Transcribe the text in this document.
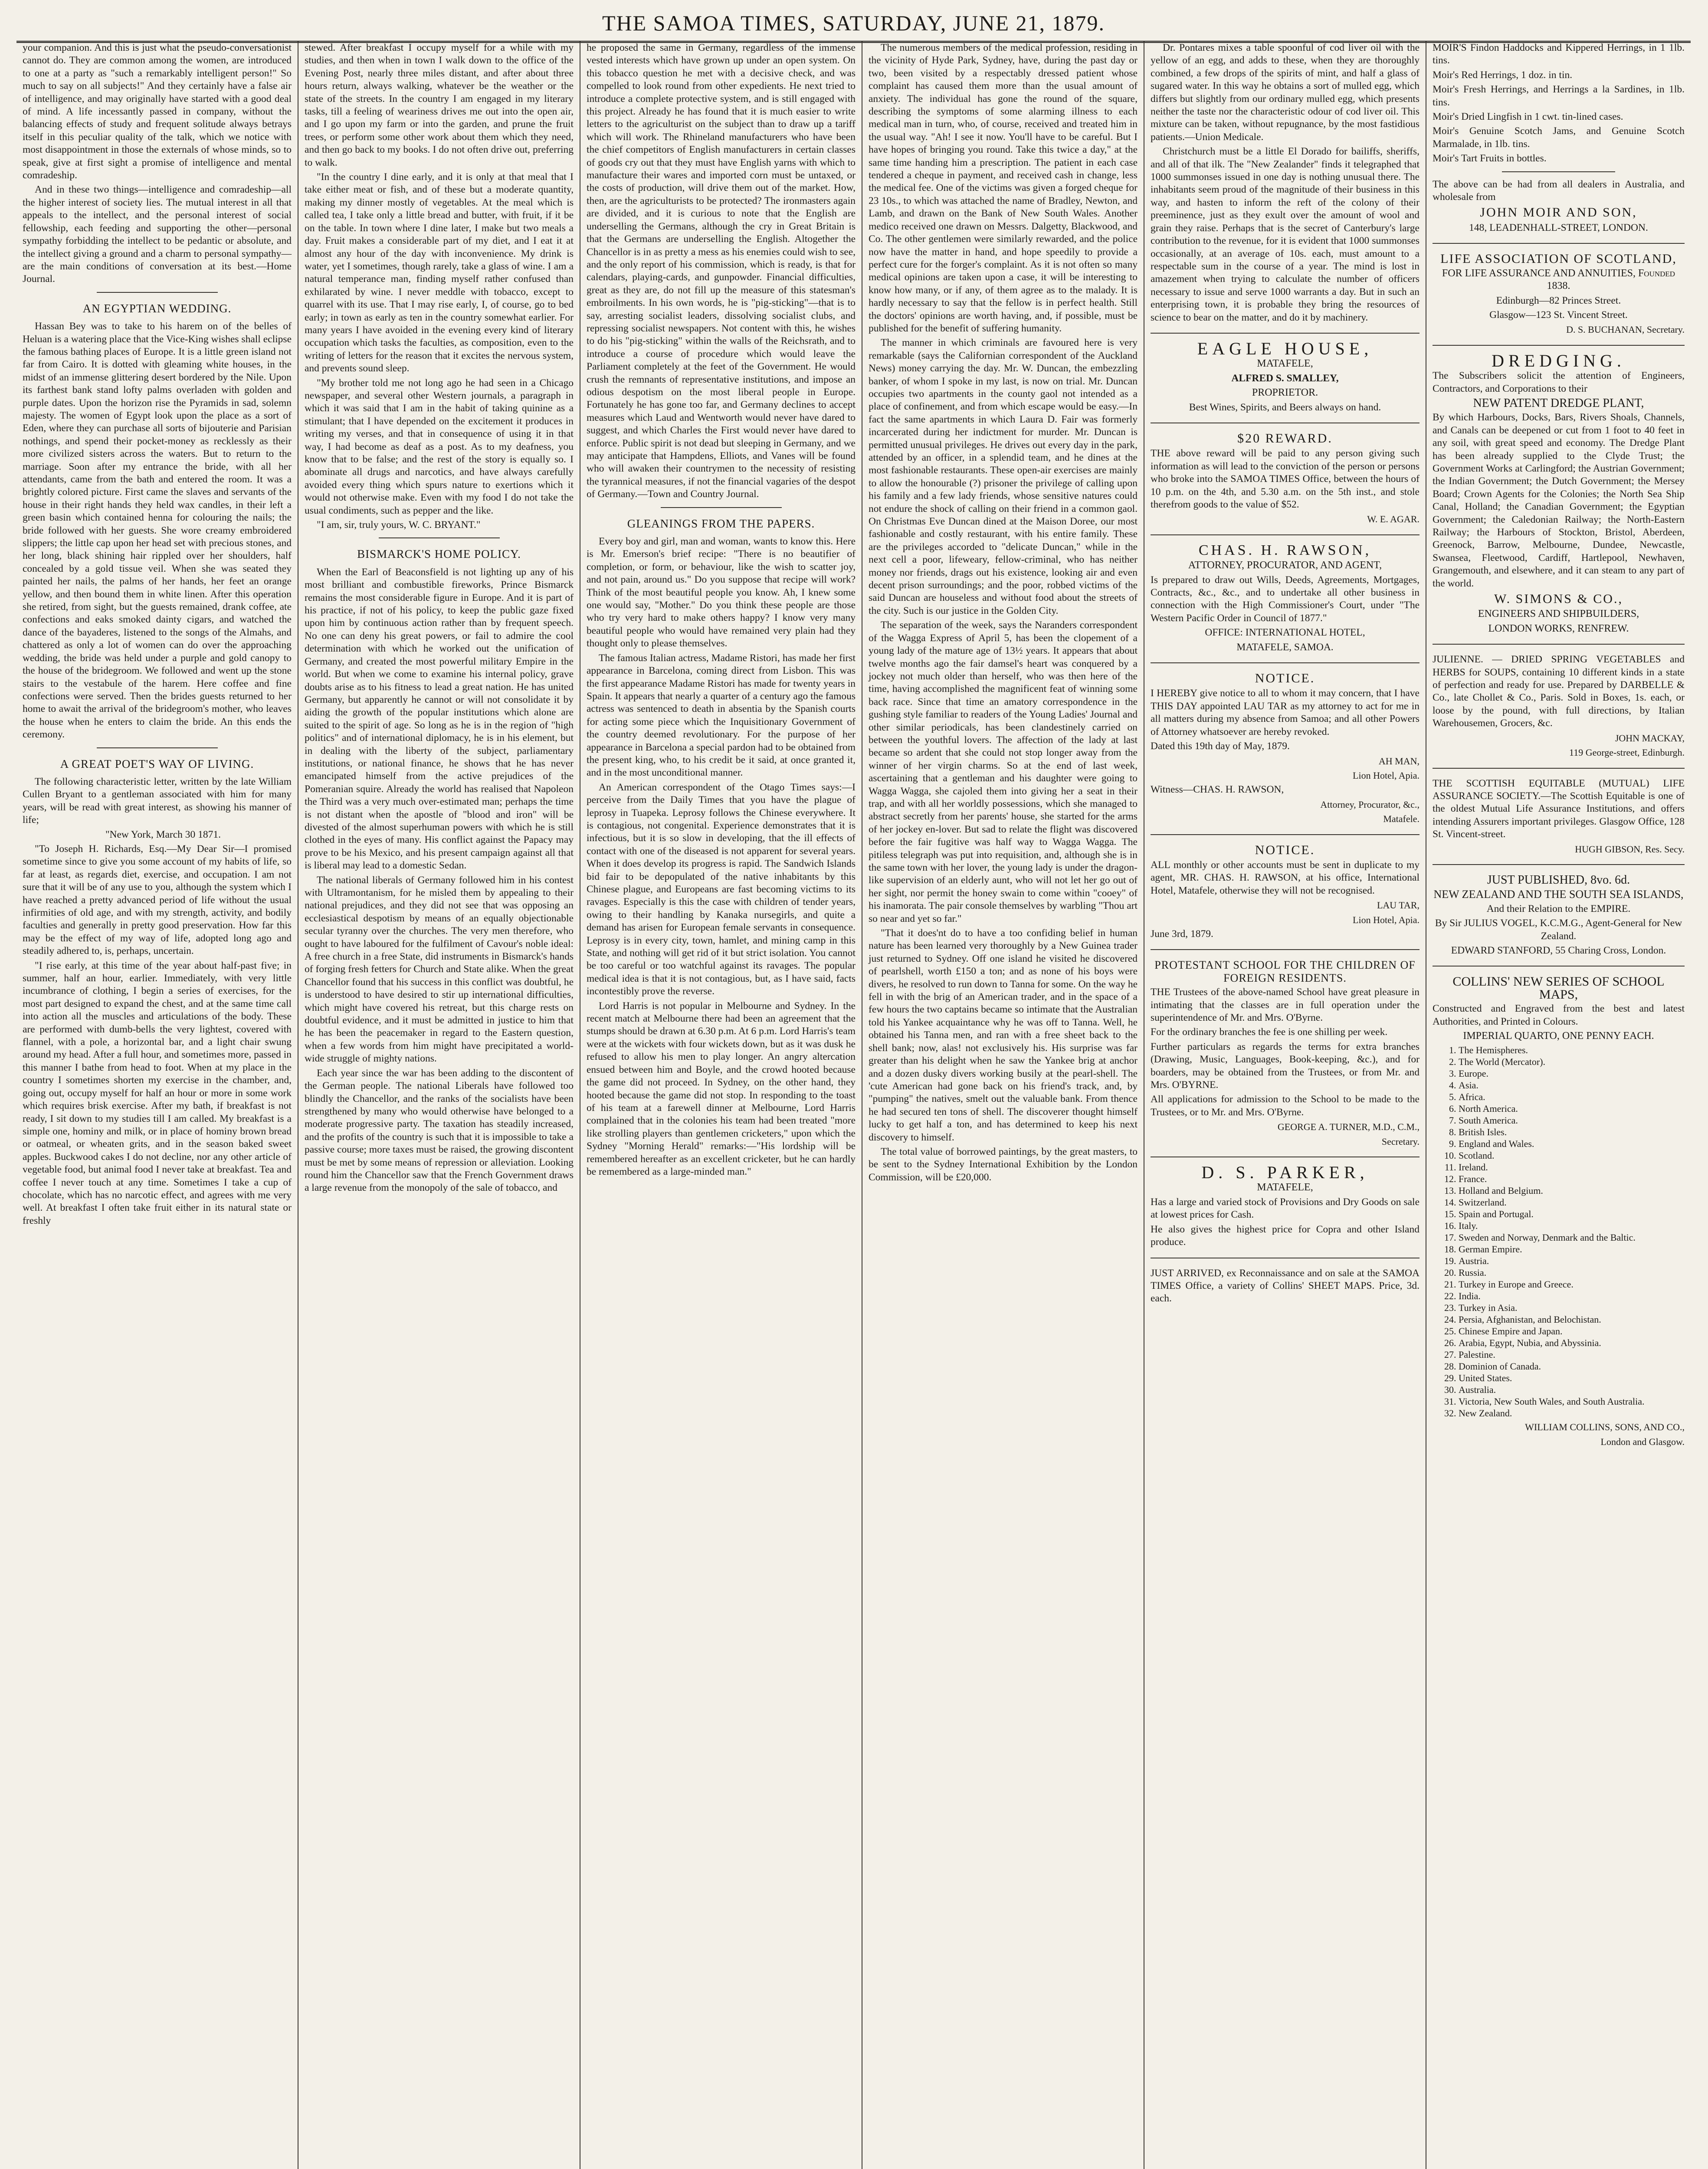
THE SAMOA TIMES, SATURDAY, JUNE 21, 1879.

your companion. And this is just what the pseudo-conversationist cannot do. They are common among the women, are introduced to one at a party as "such a remarkably intelligent person!" So much to say on all subjects!" And they certainly have a false air of intelligence, and may originally have started with a good deal of mind. A life incessantly passed in company, without the balancing effects of study and frequent solitude always betrays itself in this peculiar quality of the talk, which we notice with most disappointment in those the externals of whose minds, so to speak, give at first sight a promise of intelligence and mental comradeship.

And in these two things—intelligence and comradeship—all the higher interest of society lies. The mutual interest in all that appeals to the intellect, and the personal interest of social fellowship, each feeding and supporting the other—personal sympathy forbidding the intellect to be pedantic or absolute, and the intellect giving a ground and a charm to personal sympathy—are the main conditions of conversation at its best.—Home Journal.

AN EGYPTIAN WEDDING.

Hassan Bey was to take to his harem on of the belles of Heluan is a watering place that the Vice-King wishes shall eclipse the famous bathing places of Europe. It is a little green island not far from Cairo. It is dotted with gleaming white houses, in the midst of an immense glittering desert bordered by the Nile. Upon its farthest bank stand lofty palms overladen with golden and purple dates. Upon the horizon rise the Pyramids in sad, solemn majesty. The women of Egypt look upon the place as a sort of Eden, where they can purchase all sorts of bijouterie and Parisian nothings, and spend their pocket-money as recklessly as their more civilized sisters across the waters. But to return to the marriage. Soon after my entrance the bride, with all her attendants, came from the bath and entered the room. It was a brightly colored picture. First came the slaves and servants of the house in their right hands they held wax candles, in their left a green basin which contained henna for colouring the nails; the bride followed with her guests. She wore creamy embroidered slippers; the little cap upon her head set with precious stones, and her long, black shining hair rippled over her shoulders, half concealed by a gold tissue veil. When she was seated they painted her nails, the palms of her hands, her feet an orange yellow, and then bound them in white linen. After this operation she retired, from sight, but the guests remained, drank coffee, ate confections and eaks smoked dainty cigars, and watched the dance of the bayaderes, listened to the songs of the Almahs, and chattered as only a lot of women can do over the approaching wedding, the bride was held under a purple and gold canopy to the house of the bridegroom. We followed and went up the stone stairs to the vestabule of the harem. Here coffee and fine confections were served. Then the brides guests returned to her home to await the arrival of the bridegroom's mother, who leaves the house when he enters to claim the bride. An this ends the ceremony.

A GREAT POET'S WAY OF LIVING.

The following characteristic letter, written by the late William Cullen Bryant to a gentleman associated with him for many years, will be read with great interest, as showing his manner of life;

"New York, March 30 1871.

"To Joseph H. Richards, Esq.—My Dear Sir—I promised sometime since to give you some account of my habits of life, so far at least, as regards diet, exercise, and occupation. I am not sure that it will be of any use to you, although the system which I have reached a pretty advanced period of life without the usual infirmities of old age, and with my strength, activity, and bodily faculties and generally in pretty good preservation. How far this may be the effect of my way of life, adopted long ago and steadily adhered to, is, perhaps, uncertain.

"I rise early, at this time of the year about half-past five; in summer, half an hour, earlier. Immediately, with very little incumbrance of clothing, I begin a series of exercises, for the most part designed to expand the chest, and at the same time call into action all the muscles and articulations of the body. These are performed with dumb-bells the very lightest, covered with flannel, with a pole, a horizontal bar, and a light chair swung around my head. After a full hour, and sometimes more, passed in this manner I bathe from head to foot. When at my place in the country I sometimes shorten my exercise in the chamber, and, going out, occupy myself for half an hour or more in some work which requires brisk exercise. After my bath, if breakfast is not ready, I sit down to my studies till I am called. My breakfast is a simple one, hominy and milk, or in place of hominy brown bread or oatmeal, or wheaten grits, and in the season baked sweet apples. Buckwood cakes I do not decline, nor any other article of vegetable food, but animal food I never take at breakfast. Tea and coffee I never touch at any time. Sometimes I take a cup of chocolate, which has no narcotic effect, and agrees with me very well. At breakfast I often take fruit either in its natural state or freshly

stewed. After breakfast I occupy myself for a while with my studies, and then when in town I walk down to the office of the Evening Post, nearly three miles distant, and after about three hours return, always walking, whatever be the weather or the state of the streets. In the country I am engaged in my literary tasks, till a feeling of weariness drives me out into the open air, and I go upon my farm or into the garden, and prune the fruit trees, or perform some other work about them which they need, and then go back to my books. I do not often drive out, preferring to walk.

"In the country I dine early, and it is only at that meal that I take either meat or fish, and of these but a moderate quantity, making my dinner mostly of vegetables. At the meal which is called tea, I take only a little bread and butter, with fruit, if it be on the table. In town where I dine later, I make but two meals a day. Fruit makes a considerable part of my diet, and I eat it at almost any hour of the day with inconvenience. My drink is water, yet I sometimes, though rarely, take a glass of wine. I am a natural temperance man, finding myself rather confused than exhilarated by wine. I never meddle with tobacco, except to quarrel with its use. That I may rise early, I, of course, go to bed early; in town as early as ten in the country somewhat earlier. For many years I have avoided in the evening every kind of literary occupation which tasks the faculties, as composition, even to the writing of letters for the reason that it excites the nervous system, and prevents sound sleep.

"My brother told me not long ago he had seen in a Chicago newspaper, and several other Western journals, a paragraph in which it was said that I am in the habit of taking quinine as a stimulant; that I have depended on the excitement it produces in writing my verses, and that in consequence of using it in that way, I had become as deaf as a post. As to my deafness, you know that to be false; and the rest of the story is equally so. I abominate all drugs and narcotics, and have always carefully avoided every thing which spurs nature to exertions which it would not otherwise make. Even with my food I do not take the usual condiments, such as pepper and the like.

"I am, sir, truly yours, W. C. BRYANT."

BISMARCK'S HOME POLICY.

When the Earl of Beaconsfield is not lighting up any of his most brilliant and combustible fireworks, Prince Bismarck remains the most considerable figure in Europe. And it is part of his practice, if not of his policy, to keep the public gaze fixed upon him by continuous action rather than by frequent speech. No one can deny his great powers, or fail to admire the cool determination with which he worked out the unification of Germany, and created the most powerful military Empire in the world. But when we come to examine his internal policy, grave doubts arise as to his fitness to lead a great nation. He has united Germany, but apparently he cannot or will not consolidate it by aiding the growth of the popular institutions which alone are suited to the spirit of age. So long as he is in the region of "high politics" and of international diplomacy, he is in his element, but in dealing with the liberty of the subject, parliamentary institutions, or national finance, he shows that he has never emancipated himself from the active prejudices of the Pomeranian squire. Already the world has realised that Napoleon the Third was a very much over-estimated man; perhaps the time is not distant when the apostle of "blood and iron" will be divested of the almost superhuman powers with which he is still clothed in the eyes of many. His conflict against the Papacy may prove to be his Mexico, and his present campaign against all that is liberal may lead to a domestic Sedan.

The national liberals of Germany followed him in his contest with Ultramontanism, for he misled them by appealing to their national prejudices, and they did not see that was opposing an ecclesiastical despotism by means of an equally objectionable secular tyranny over the churches. The very men therefore, who ought to have laboured for the fulfilment of Cavour's noble ideal: A free church in a free State, did instruments in Bismarck's hands of forging fresh fetters for Church and State alike. When the great Chancellor found that his success in this conflict was doubtful, he is understood to have desired to stir up international difficulties, which might have covered his retreat, but this charge rests on doubtful evidence, and it must be admitted in justice to him that he has been the peacemaker in regard to the Eastern question, when a few words from him might have precipitated a world-wide struggle of mighty nations.

Each year since the war has been adding to the discontent of the German people. The national Liberals have followed too blindly the Chancellor, and the ranks of the socialists have been strengthened by many who would otherwise have belonged to a moderate progressive party. The taxation has steadily increased, and the profits of the country is such that it is impossible to take a passive course; more taxes must be raised, the growing discontent must be met by some means of repression or alleviation. Looking round him the Chancellor saw that the French Government draws a large revenue from the monopoly of the sale of tobacco, and

he proposed the same in Germany, regardless of the immense vested interests which have grown up under an open system. On this tobacco question he met with a decisive check, and was compelled to look round from other expedients. He next tried to introduce a complete protective system, and is still engaged with this project. Already he has found that it is much easier to write letters to the agriculturist on the subject than to draw up a tariff which will work. The Rhineland manufacturers who have been the chief competitors of English manufacturers in certain classes of goods cry out that they must have English yarns with which to manufacture their wares and imported corn must be untaxed, or the costs of production, will drive them out of the market. How, then, are the agriculturists to be protected? The ironmasters again are divided, and it is curious to note that the English are underselling the Germans, although the cry in Great Britain is that the Germans are underselling the English. Altogether the Chancellor is in as pretty a mess as his enemies could wish to see, and the only report of his commission, which is ready, is that for calendars, playing-cards, and gunpowder. Financial difficulties, great as they are, do not fill up the measure of this statesman's embroilments. In his own words, he is "pig-sticking"—that is to say, arresting socialist leaders, dissolving socialist clubs, and repressing socialist newspapers. Not content with this, he wishes to do his "pig-sticking" within the walls of the Reichsrath, and to introduce a course of procedure which would leave the Parliament completely at the feet of the Government. He would crush the remnants of representative institutions, and impose an odious despotism on the most liberal people in Europe. Fortunately he has gone too far, and Germany declines to accept measures which Laud and Wentworth would never have dared to suggest, and which Charles the First would never have dared to enforce. Public spirit is not dead but sleeping in Germany, and we may anticipate that Hampdens, Elliots, and Vanes will be found who will awaken their countrymen to the necessity of resisting the tyrannical measures, if not the financial vagaries of the despot of Germany.—Town and Country Journal.

GLEANINGS FROM THE PAPERS.

Every boy and girl, man and woman, wants to know this. Here is Mr. Emerson's brief recipe: "There is no beautifier of completion, or form, or behaviour, like the wish to scatter joy, and not pain, around us." Do you suppose that recipe will work? Think of the most beautiful people you know. Ah, I knew some one would say, "Mother." Do you think these people are those who try very hard to make others happy? I know very many beautiful people who would have remained very plain had they thought only to please themselves.

The famous Italian actress, Madame Ristori, has made her first appearance in Barcelona, coming direct from Lisbon. This was the first appearance Madame Ristori has made for twenty years in Spain. It appears that nearly a quarter of a century ago the famous actress was sentenced to death in absentia by the Spanish courts for acting some piece which the Inquisitionary Government of the country deemed revolutionary. For the purpose of her appearance in Barcelona a special pardon had to be obtained from the present king, who, to his credit be it said, at once granted it, and in the most unconditional manner.

An American correspondent of the Otago Times says:—I perceive from the Daily Times that you have the plague of leprosy in Tuapeka. Leprosy follows the Chinese everywhere. It is contagious, not congenital. Experience demonstrates that it is infectious, but it is so slow in developing, that the ill effects of contact with one of the diseased is not apparent for several years. When it does develop its progress is rapid. The Sandwich Islands bid fair to be depopulated of the native inhabitants by this Chinese plague, and Europeans are fast becoming victims to its ravages. Especially is this the case with children of tender years, owing to their handling by Kanaka nursegirls, and quite a demand has arisen for European female servants in consequence. Leprosy is in every city, town, hamlet, and mining camp in this State, and nothing will get rid of it but strict isolation. You cannot be too careful or too watchful against its ravages. The popular medical idea is that it is not contagious, but, as I have said, facts incontestibly prove the reverse.

Lord Harris is not popular in Melbourne and Sydney. In the recent match at Melbourne there had been an agreement that the stumps should be drawn at 6.30 p.m. At 6 p.m. Lord Harris's team were at the wickets with four wickets down, but as it was dusk he refused to allow his men to play longer. An angry altercation ensued between him and Boyle, and the crowd hooted because the game did not proceed. In Sydney, on the other hand, they hooted because the game did not stop. In responding to the toast of his team at a farewell dinner at Melbourne, Lord Harris complained that in the colonies his team had been treated "more like strolling players than gentlemen cricketers," upon which the Sydney "Morning Herald" remarks:—"His lordship will be remembered hereafter as an excellent cricketer, but he can hardly be remembered as a large-minded man."

The numerous members of the medical profession, residing in the vicinity of Hyde Park, Sydney, have, during the past day or two, been visited by a respectably dressed patient whose complaint has caused them more than the usual amount of anxiety. The individual has gone the round of the square, describing the symptoms of some alarming illness to each medical man in turn, who, of course, received and treated him in the usual way. "Ah! I see it now. You'll have to be careful. But I have hopes of bringing you round. Take this twice a day," at the same time handing him a prescription. The patient in each case tendered a cheque in payment, and received cash in change, less the medical fee. One of the victims was given a forged cheque for 23 10s., to which was attached the name of Bradley, Newton, and Lamb, and drawn on the Bank of New South Wales. Another medico received one drawn on Messrs. Dalgetty, Blackwood, and Co. The other gentlemen were similarly rewarded, and the police now have the matter in hand, and hope speedily to provide a perfect cure for the forger's complaint. As it is not often so many medical opinions are taken upon a case, it will be interesting to know how many, or if any, of them agree as to the malady. It is hardly necessary to say that the fellow is in perfect health. Still the doctors' opinions are worth having, and, if possible, must be published for the benefit of suffering humanity.

The manner in which criminals are favoured here is very remarkable (says the Californian correspondent of the Auckland News) money carrying the day. Mr. W. Duncan, the embezzling banker, of whom I spoke in my last, is now on trial. Mr. Duncan occupies two apartments in the county gaol not intended as a place of confinement, and from which escape would be easy.—In fact the same apartments in which Laura D. Fair was formerly incarcerated during her indictment for murder. Mr. Duncan is permitted unusual privileges. He drives out every day in the park, attended by an officer, in a splendid team, and he dines at the most fashionable restaurants. These open-air exercises are mainly to allow the honourable (?) prisoner the privilege of calling upon his family and a few lady friends, whose sensitive natures could not endure the shock of calling on their friend in a common gaol. On Christmas Eve Duncan dined at the Maison Doree, our most fashionable and costly restaurant, with his entire family. These are the privileges accorded to "delicate Duncan," while in the next cell a poor, lifeweary, fellow-criminal, who has neither money nor friends, drags out his existence, looking air and even decent prison surroundings; and the poor, robbed victims of the said Duncan are houseless and without food about the streets of the city. Such is our justice in the Golden City.

The separation of the week, says the Naranders correspondent of the Wagga Express of April 5, has been the clopement of a young lady of the mature age of 13½ years. It appears that about twelve months ago the fair damsel's heart was conquered by a jockey not much older than herself, who was then here of the time, having accomplished the magnificent feat of winning some back race. Since that time an amatory correspondence in the gushing style familiar to readers of the Young Ladies' Journal and other similar periodicals, has been clandestinely carried on between the youthful lovers. The affection of the lady at last became so ardent that she could not stop longer away from the winner of her virgin charms. So at the end of last week, ascertaining that a gentleman and his daughter were going to Wagga Wagga, she cajoled them into giving her a seat in their trap, and with all her worldly possessions, which she managed to abstract secretly from her parents' house, she started for the arms of her jockey en-lover. But sad to relate the flight was discovered before the fair fugitive was half way to Wagga Wagga. The pitiless telegraph was put into requisition, and, although she is in the same town with her lover, the young lady is under the dragon-like supervision of an elderly aunt, who will not let her go out of her sight, nor permit the honey swain to come within "cooey" of his inamorata. The pair console themselves by warbling "Thou art so near and yet so far."

"That it does'nt do to have a too confiding belief in human nature has been learned very thoroughly by a New Guinea trader just returned to Sydney. Off one island he visited he discovered of pearlshell, worth £150 a ton; and as none of his boys were divers, he resolved to run down to Tanna for some. On the way he fell in with the brig of an American trader, and in the space of a few hours the two captains became so intimate that the Australian told his Yankee acquaintance why he was off to Tanna. Well, he obtained his Tanna men, and ran with a free sheet back to the shell bank; now, alas! not exclusively his. His surprise was far greater than his delight when he saw the Yankee brig at anchor and a dozen dusky divers working busily at the pearl-shell. The 'cute American had gone back on his friend's track, and, by "pumping" the natives, smelt out the valuable bank. From thence he had secured ten tons of shell. The discoverer thought himself lucky to get half a ton, and has determined to keep his next discovery to himself.

The total value of borrowed paintings, by the great masters, to be sent to the Sydney International Exhibition by the London Commission, will be £20,000.

Dr. Pontares mixes a table spoonful of cod liver oil with the yellow of an egg, and adds to these, when they are thoroughly combined, a few drops of the spirits of mint, and half a glass of sugared water. In this way he obtains a sort of mulled egg, which differs but slightly from our ordinary mulled egg, which presents neither the taste nor the characteristic odour of cod liver oil. This mixture can be taken, without repugnance, by the most fastidious patients.—Union Medicale.

Christchurch must be a little El Dorado for bailiffs, sheriffs, and all of that ilk. The "New Zealander" finds it telegraphed that 1000 summonses issued in one day is nothing unusual there. The inhabitants seem proud of the magnitude of their business in this way, and hasten to inform the reft of the colony of their preeminence, just as they exult over the amount of wool and grain they raise. Perhaps that is the secret of Canterbury's large contribution to the revenue, for it is evident that 1000 summonses occasionally, at an average of 10s. each, must amount to a respectable sum in the course of a year. The mind is lost in amazement when trying to calculate the number of officers necessary to issue and serve 1000 warrants a day. But in such an enterprising town, it is probable they bring the resources of science to bear on the matter, and do it by machinery.

EAGLE HOUSE,
MATAFELE,
ALFRED S. SMALLEY,
PROPRIETOR.
Best Wines, Spirits, and Beers always on hand.
$20 REWARD.

THE above reward will be paid to any person giving such information as will lead to the conviction of the person or persons who broke into the SAMOA TIMES Office, between the hours of 10 p.m. on the 4th, and 5.30 a.m. on the 5th inst., and stole therefrom goods to the value of $52.

W. E. AGAR.
CHAS. H. RAWSON,
ATTORNEY, PROCURATOR, AND AGENT,

Is prepared to draw out Wills, Deeds, Agreements, Mortgages, Contracts, &c., &c., and to undertake all other business in connection with the High Commissioner's Court, under "The Western Pacific Order in Council of 1877."

OFFICE: INTERNATIONAL HOTEL,
MATAFELE, SAMOA.
NOTICE.

I HEREBY give notice to all to whom it may concern, that I have THIS DAY appointed LAU TAR as my attorney to act for me in all matters during my absence from Samoa; and all other Powers of Attorney whatsoever are hereby revoked.

Dated this 19th day of May, 1879.

AH MAN,
Lion Hotel, Apia.
Witness—CHAS. H. RAWSON,
Attorney, Procurator, &c.,
Matafele.
NOTICE.

ALL monthly or other accounts must be sent in duplicate to my agent, MR. CHAS. H. RAWSON, at his office, International Hotel, Matafele, otherwise they will not be recognised.

LAU TAR,
Lion Hotel, Apia.
June 3rd, 1879.
PROTESTANT SCHOOL FOR THE CHILDREN OF FOREIGN RESIDENTS.

THE Trustees of the above-named School have great pleasure in intimating that the classes are in full operation under the superintendence of Mr. and Mrs. O'Byrne.

For the ordinary branches the fee is one shilling per week.

Further particulars as regards the terms for extra branches (Drawing, Music, Languages, Book-keeping, &c.), and for boarders, may be obtained from the Trustees, or from Mr. and Mrs. O'BYRNE.

All applications for admission to the School to be made to the Trustees, or to Mr. and Mrs. O'Byrne.

GEORGE A. TURNER, M.D., C.M.,
Secretary.
D. S. PARKER,
MATAFELE,

Has a large and varied stock of Provisions and Dry Goods on sale at lowest prices for Cash.

He also gives the highest price for Copra and other Island produce.

JUST ARRIVED, ex Reconnaissance and on sale at the SAMOA TIMES Office, a variety of Collins' SHEET MAPS. Price, 3d. each.

MOIR'S Findon Haddocks and Kippered Herrings, in 1 1lb. tins.

Moir's Red Herrings, 1 doz. in tin.

Moir's Fresh Herrings, and Herrings a la Sardines, in 1lb. tins.

Moir's Dried Lingfish in 1 cwt. tin-lined cases.

Moir's Genuine Scotch Jams, and Genuine Scotch Marmalade, in 1lb. tins.

Moir's Tart Fruits in bottles.

The above can be had from all dealers in Australia, and wholesale from

JOHN MOIR AND SON,
148, LEADENHALL-STREET, LONDON.
LIFE ASSOCIATION OF SCOTLAND,
FOR LIFE ASSURANCE AND ANNUITIES, Founded 1838.
Edinburgh—82 Princes Street.
Glasgow—123 St. Vincent Street.
D. S. BUCHANAN, Secretary.
DREDGING.

The Subscribers solicit the attention of Engineers, Contractors, and Corporations to their

NEW PATENT DREDGE PLANT,

By which Harbours, Docks, Bars, Rivers Shoals, Channels, and Canals can be deepened or cut from 1 foot to 40 feet in any soil, with great speed and economy. The Dredge Plant has been already supplied to the Clyde Trust; the Government Works at Carlingford; the Austrian Government; the Indian Government; the Dutch Government; the Mersey Board; Crown Agents for the Colonies; the North Sea Ship Canal, Holland; the Canadian Government; the Egyptian Government; the Caledonian Railway; the North-Eastern Railway; the Harbours of Stockton, Bristol, Aberdeen, Greenock, Barrow, Melbourne, Dundee, Newcastle, Swansea, Fleetwood, Cardiff, Hartlepool, Newhaven, Grangemouth, and elsewhere, and it can steam to any part of the world.

W. SIMONS & CO.,
ENGINEERS AND SHIPBUILDERS,
LONDON WORKS, RENFREW.

JULIENNE. — DRIED SPRING VEGETABLES and HERBS for SOUPS, containing 10 different kinds in a state of perfection and ready for use. Prepared by DARBELLE & Co., late Chollet & Co., Paris. Sold in Boxes, 1s. each, or loose by the pound, with full directions, by Italian Warehousemen, Grocers, &c.

JOHN MACKAY,
119 George-street, Edinburgh.

THE SCOTTISH EQUITABLE (MUTUAL) LIFE ASSURANCE SOCIETY.—The Scottish Equitable is one of the oldest Mutual Life Assurance Institutions, and offers intending Assurers important privileges. Glasgow Office, 128 St. Vincent-street.

HUGH GIBSON, Res. Secy.
JUST PUBLISHED, 8vo. 6d.
NEW ZEALAND AND THE SOUTH SEA ISLANDS,
And their Relation to the EMPIRE.
By Sir JULIUS VOGEL, K.C.M.G., Agent-General for New Zealand.
EDWARD STANFORD, 55 Charing Cross, London.
COLLINS' NEW SERIES OF SCHOOL MAPS,

Constructed and Engraved from the best and latest Authorities, and Printed in Colours.

IMPERIAL QUARTO, ONE PENNY EACH.
1. The Hemispheres.
2. The World (Mercator).
3. Europe.
4. Asia.
5. Africa.
6. North America.
7. South America.
8. British Isles.
9. England and Wales.
10. Scotland.
11. Ireland.
12. France.
13. Holland and Belgium.
14. Switzerland.
15. Spain and Portugal.
16. Italy.
17. Sweden and Norway, Denmark and the Baltic.
18. German Empire.
19. Austria.
20. Russia.
21. Turkey in Europe and Greece.
22. India.
23. Turkey in Asia.
24. Persia, Afghanistan, and Belochistan.
25. Chinese Empire and Japan.
26. Arabia, Egypt, Nubia, and Abyssinia.
27. Palestine.
28. Dominion of Canada.
29. United States.
30. Australia.
31. Victoria, New South Wales, and South Australia.
32. New Zealand.
WILLIAM COLLINS, SONS, AND CO.,
London and Glasgow.
